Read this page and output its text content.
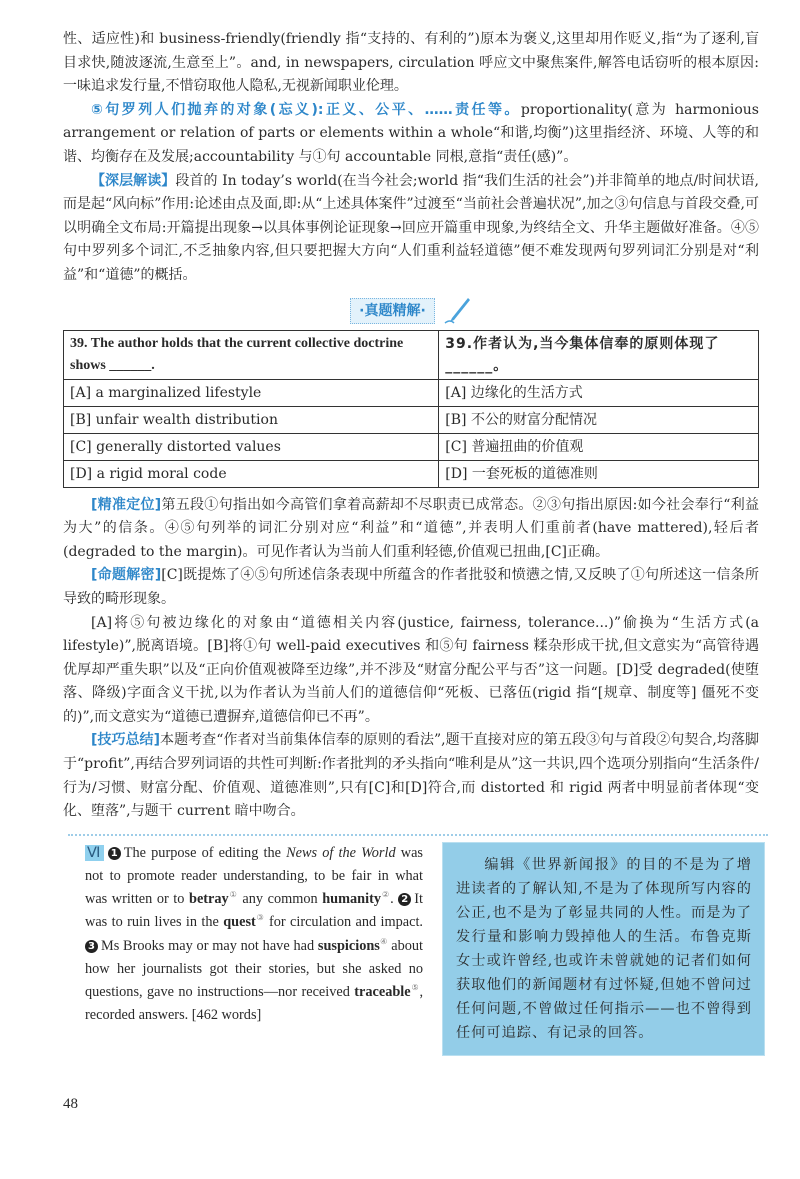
性、适应性)和 business-friendly(friendly 指“支持的、有利的”)原本为褒义,这里却用作贬义,指“为了逐利,盲目求快,随波逐流,生意至上”。and, in newspapers, circulation 呼应文中聚焦案件,解答电话窃听的根本原因:一味追求发行量,不惜窃取他人隐私,无视新闻职业伦理。

⑤句罗列人们抛弃的对象(忘义):正义、公平、……责任等。proportionality(意为 harmonious arrangement or relation of parts or elements within a whole“和谐,均衡”)这里指经济、环境、人等的和谐、均衡存在及发展;accountability 与①句 accountable 同根,意指“责任(感)”。

【深层解读】段首的 In today’s world(在当今社会;world 指“我们生活的社会”)并非简单的地点/时间状语,而是起“风向标”作用:论述由点及面,即:从“上述具体案件”过渡至“当前社会普遍状况”,加之③句信息与首段交叠,可以明确全文布局:开篇提出现象→以具体事例论证现象→回应开篇重申现象,为终结全文、升华主题做好准备。④⑤句中罗列多个词汇,不乏抽象内容,但只要把握大方向“人们重利益轻道德”便不难发现两句罗列词汇分别是对“利益”和“道德”的概括。

·真题精解·
39. The author holds that the current collective doctrine shows ______.	39.作者认为,当今集体信奉的原则体现了______。
[A] a marginalized lifestyle	[A] 边缘化的生活方式
[B] unfair wealth distribution	[B] 不公的财富分配情况
[C] generally distorted values	[C] 普遍扭曲的价值观
[D] a rigid moral code	[D] 一套死板的道德准则

[精准定位]第五段①句指出如今高管们拿着高薪却不尽职责已成常态。②③句指出原因:如今社会奉行“利益为大”的信条。④⑤句列举的词汇分别对应“利益”和“道德”,并表明人们重前者(have mattered),轻后者(degraded to the margin)。可见作者认为当前人们重利轻德,价值观已扭曲,[C]正确。

[命题解密][C]既提炼了④⑤句所述信条表现中所蕴含的作者批驳和愤懑之情,又反映了①句所述这一信条所导致的畸形现象。

[A]将⑤句被边缘化的对象由“道德相关内容(justice, fairness, tolerance...)”偷换为“生活方式(a lifestyle)”,脱离语境。[B]将①句 well-paid executives 和⑤句 fairness 糅杂形成干扰,但文意实为“高管待遇优厚却严重失职”以及“正向价值观被降至边缘”,并不涉及“财富分配公平与否”这一问题。[D]受 degraded(使堕落、降级)字面含义干扰,以为作者认为当前人们的道德信仰“死板、已落伍(rigid 指“[规章、制度等] 僵死不变的)”,而文意实为“道德已遭摒弃,道德信仰已不再”。

[技巧总结]本题考查“作者对当前集体信奉的原则的看法”,题干直接对应的第五段③句与首段②句契合,均落脚于“profit”,再结合罗列词语的共性可判断:作者批判的矛头指向“唯利是从”这一共识,四个选项分别指向“生活条件/行为/习惯、财富分配、价值观、道德准则”,只有[C]和[D]符合,而 distorted 和 rigid 两者中明显前者体现“变化、堕落”,与题干 current 暗中吻合。

Ⅵ 1 The purpose of editing the News of the World was not to promote reader understanding, to be fair in what was written or to betray① any common humanity②. 2 It was to ruin lives in the quest③ for circulation and impact. 3 Ms Brooks may or may not have had suspicions④ about how her journalists got their stories, but she asked no questions, gave no instructions—nor received traceable⑤, recorded answers. [462 words]
编辑《世界新闻报》的目的不是为了增进读者的了解认知,不是为了体现所写内容的公正,也不是为了彰显共同的人性。而是为了发行量和影响力毁掉他人的生活。布鲁克斯女士或许曾经,也或许未曾就她的记者们如何获取他们的新闻题材有过怀疑,但她不曾问过任何问题,不曾做过任何指示——也不曾得到任何可追踪、有记录的回答。
48
